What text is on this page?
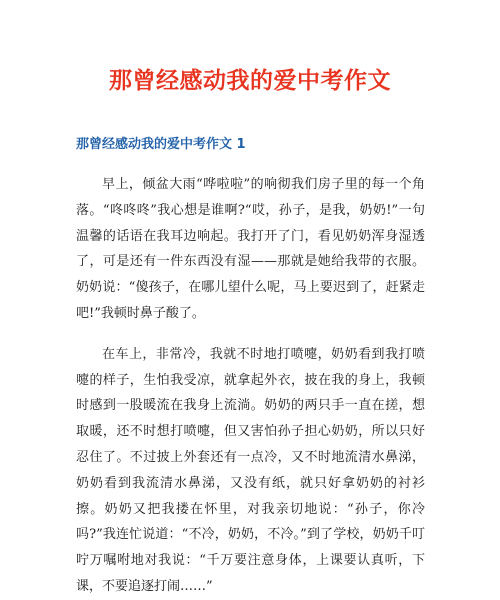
那曾经感动我的爱中考作文
那曾经感动我的爱中考作文 1

早上，倾盆大雨“哗啦啦”的响彻我们房子里的每一个角落。“咚咚咚”我心想是谁啊?“哎，孙子，是我，奶奶!”一句温馨的话语在我耳边响起。我打开了门，看见奶奶浑身湿透了，可是还有一件东西没有湿——那就是她给我带的衣服。奶奶说：“傻孩子，在哪儿望什么呢，马上要迟到了，赶紧走吧!”我顿时鼻子酸了。

在车上，非常冷，我就不时地打喷嚏，奶奶看到我打喷嚏的样子，生怕我受凉，就拿起外衣，披在我的身上，我顿时感到一股暖流在我身上流淌。奶奶的两只手一直在搓，想取暖，还不时想打喷嚏，但又害怕孙子担心奶奶，所以只好忍住了。不过披上外套还有一点冷，又不时地流清水鼻涕，奶奶看到我流清水鼻涕，又没有纸，就只好拿奶奶的衬衫擦。奶奶又把我搂在怀里，对我亲切地说：“孙子，你冷吗?”我连忙说道：“不冷，奶奶，不冷。”到了学校，奶奶千叮咛万嘱咐地对我说：“千万要注意身体，上课要认真听，下课，不要追逐打闹……”
